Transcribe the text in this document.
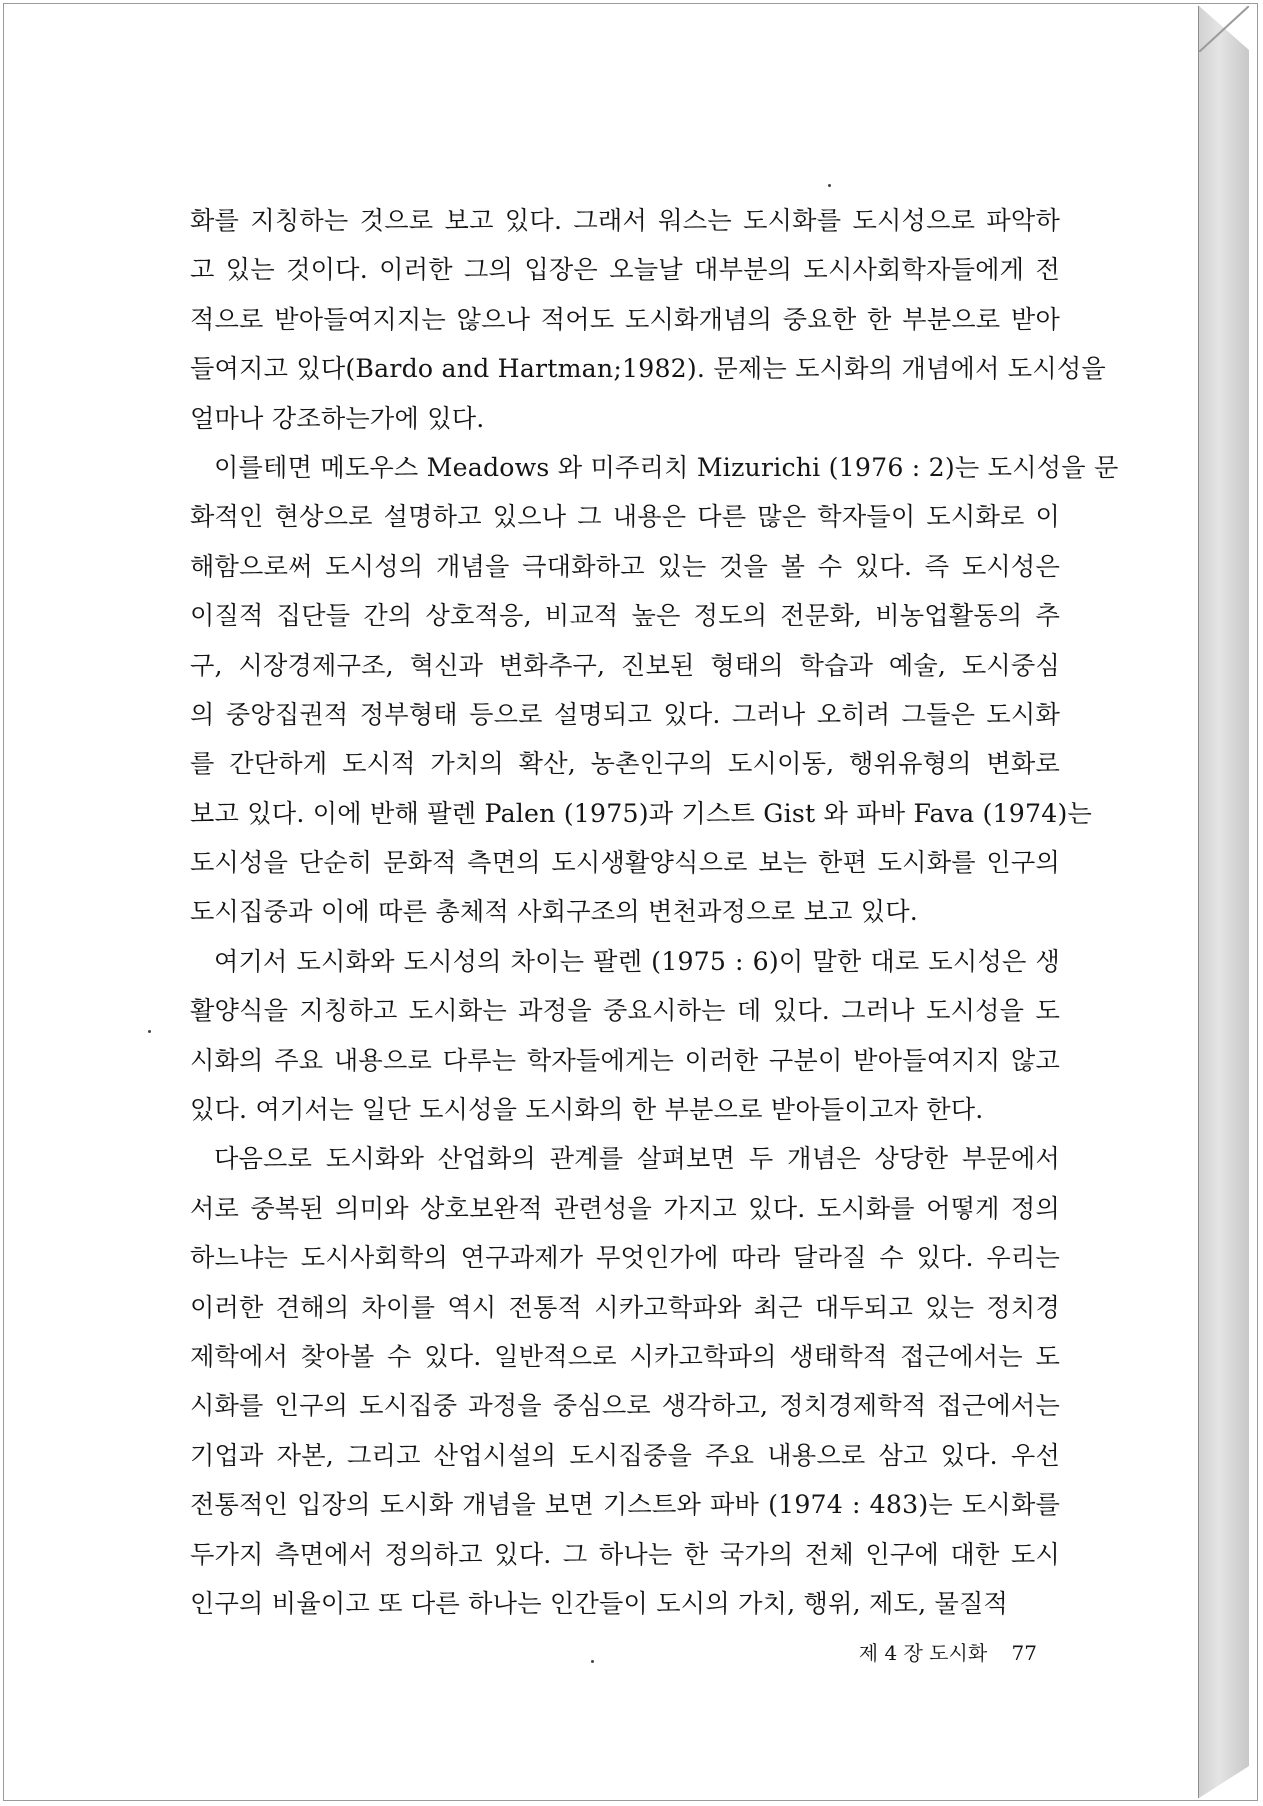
화를 지칭하는 것으로 보고 있다. 그래서 워스는 도시화를 도시성으로 파악하
고 있는 것이다. 이러한 그의 입장은 오늘날 대부분의 도시사회학자들에게 전
적으로 받아들여지지는 않으나 적어도 도시화개념의 중요한 한 부분으로 받아
들여지고 있다(Bardo and Hartman;1982). 문제는 도시화의 개념에서 도시성을
얼마나 강조하는가에 있다.
이를테면 메도우스 Meadows 와 미주리치 Mizurichi (1976 : 2)는 도시성을 문
화적인 현상으로 설명하고 있으나 그 내용은 다른 많은 학자들이 도시화로 이
해함으로써 도시성의 개념을 극대화하고 있는 것을 볼 수 있다. 즉 도시성은
이질적 집단들 간의 상호적응, 비교적 높은 정도의 전문화, 비농업활동의 추
구, 시장경제구조, 혁신과 변화추구, 진보된 형태의 학습과 예술, 도시중심
의 중앙집권적 정부형태 등으로 설명되고 있다. 그러나 오히려 그들은 도시화
를 간단하게 도시적 가치의 확산, 농촌인구의 도시이동, 행위유형의 변화로
보고 있다. 이에 반해 팔렌 Palen (1975)과 기스트 Gist 와 파바 Fava (1974)는
도시성을 단순히 문화적 측면의 도시생활양식으로 보는 한편 도시화를 인구의
도시집중과 이에 따른 총체적 사회구조의 변천과정으로 보고 있다.
여기서 도시화와 도시성의 차이는 팔렌 (1975 : 6)이 말한 대로 도시성은 생
활양식을 지칭하고 도시화는 과정을 중요시하는 데 있다. 그러나 도시성을 도
시화의 주요 내용으로 다루는 학자들에게는 이러한 구분이 받아들여지지 않고
있다. 여기서는 일단 도시성을 도시화의 한 부분으로 받아들이고자 한다.
다음으로 도시화와 산업화의 관계를 살펴보면 두 개념은 상당한 부문에서
서로 중복된 의미와 상호보완적 관련성을 가지고 있다. 도시화를 어떻게 정의
하느냐는 도시사회학의 연구과제가 무엇인가에 따라 달라질 수 있다. 우리는
이러한 견해의 차이를 역시 전통적 시카고학파와 최근 대두되고 있는 정치경
제학에서 찾아볼 수 있다. 일반적으로 시카고학파의 생태학적 접근에서는 도
시화를 인구의 도시집중 과정을 중심으로 생각하고, 정치경제학적 접근에서는
기업과 자본, 그리고 산업시설의 도시집중을 주요 내용으로 삼고 있다. 우선
전통적인 입장의 도시화 개념을 보면 기스트와 파바 (1974 : 483)는 도시화를
두가지 측면에서 정의하고 있다. 그 하나는 한 국가의 전체 인구에 대한 도시
인구의 비율이고 또 다른 하나는 인간들이 도시의 가치, 행위, 제도, 물질적
제 4 장 도시화 77
